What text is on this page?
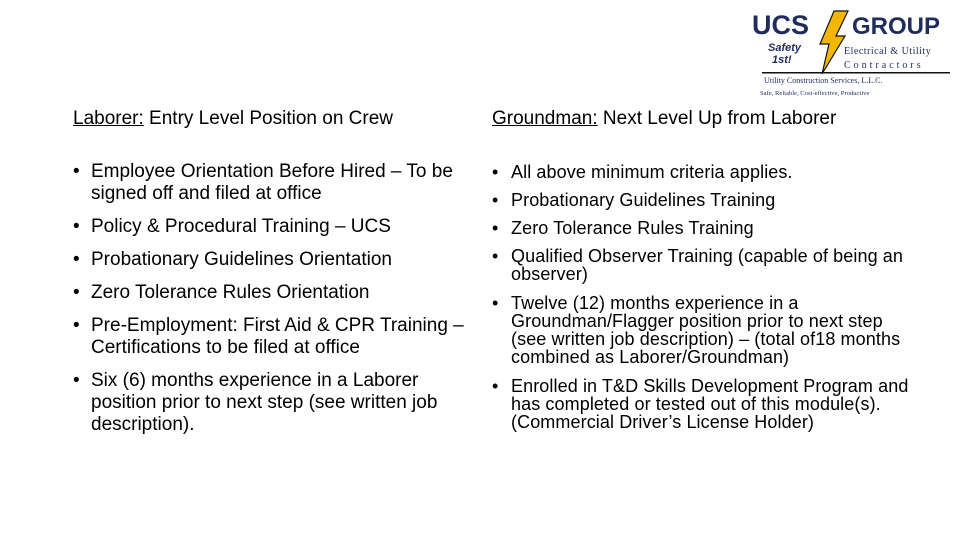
UCS GROUP
Safety
1st!
Electrical & Utility
Contractors
Utility Construction Services, L.L.C.
Safe, Reliable, Cost-effective, Productive
Laborer: Entry Level Position on Crew
• Employee Orientation Before Hired – To be signed off and filed at office
• Policy & Procedural Training – UCS
• Probationary Guidelines Orientation
• Zero Tolerance Rules Orientation
• Pre-Employment: First Aid & CPR Training – Certifications to be filed at office
• Six (6) months experience in a Laborer position prior to next step (see written job description).
Groundman: Next Level Up from Laborer
• All above minimum criteria applies.
• Probationary Guidelines Training
• Zero Tolerance Rules Training
• Qualified Observer Training (capable of being an observer)
• Twelve (12) months experience in a Groundman/Flagger position prior to next step (see written job description) – (total of18 months combined as Laborer/Groundman)
• Enrolled in T&D Skills Development Program and has completed or tested out of this module(s). (Commercial Driver’s License Holder)
